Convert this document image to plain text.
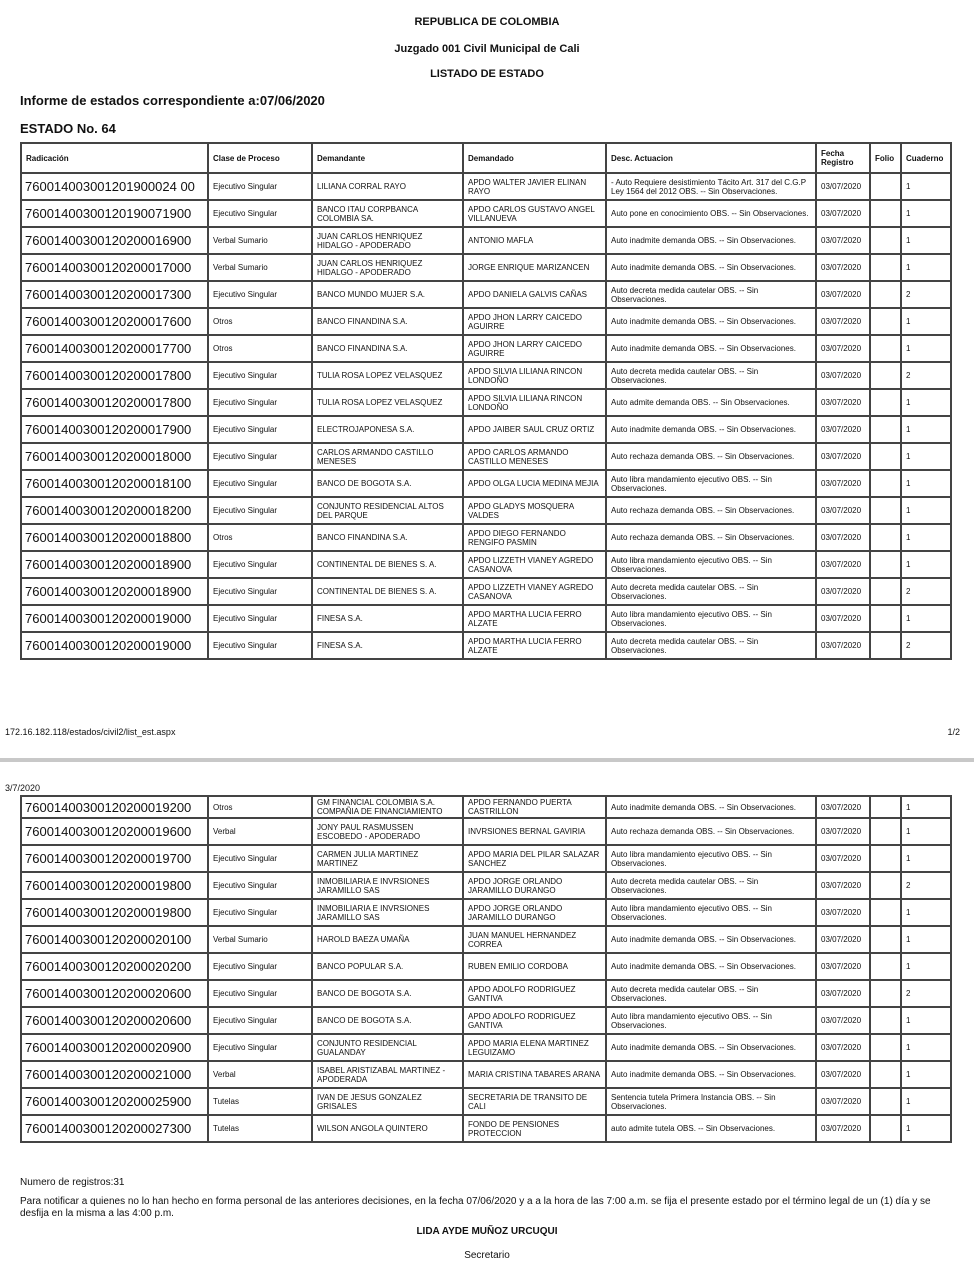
REPUBLICA DE COLOMBIA
Juzgado 001 Civil Municipal de Cali
LISTADO DE ESTADO
Informe de estados correspondiente a:07/06/2020
ESTADO No. 64
Radicación	Clase de Proceso	Demandante	Demandado	Desc. Actuacion	Fecha Registro	Folio	Cuaderno
760014003001201900024 00	Ejecutivo Singular	LILIANA CORRAL RAYO	APDO WALTER JAVIER ELINAN RAYO	- Auto Requiere desistimiento Tácito Art. 317 del C.G.P Ley 1564 del 2012 OBS. -- Sin Observaciones.	03/07/2020		1
76001400300120190071900	Ejecutivo Singular	BANCO ITAU CORPBANCA COLOMBIA SA.	APDO CARLOS GUSTAVO ANGEL VILLANUEVA	Auto pone en conocimiento OBS. -- Sin Observaciones.	03/07/2020		1
76001400300120200016900	Verbal Sumario	JUAN CARLOS HENRIQUEZ HIDALGO - APODERADO	ANTONIO MAFLA	Auto inadmite demanda OBS. -- Sin Observaciones.	03/07/2020		1
76001400300120200017000	Verbal Sumario	JUAN CARLOS HENRIQUEZ HIDALGO - APODERADO	JORGE ENRIQUE MARIZANCEN	Auto inadmite demanda OBS. -- Sin Observaciones.	03/07/2020		1
76001400300120200017300	Ejecutivo Singular	BANCO MUNDO MUJER S.A.	APDO DANIELA GALVIS CAÑAS	Auto decreta medida cautelar OBS. -- Sin Observaciones.	03/07/2020		2
76001400300120200017600	Otros	BANCO FINANDINA S.A.	APDO JHON LARRY CAICEDO AGUIRRE	Auto inadmite demanda OBS. -- Sin Observaciones.	03/07/2020		1
76001400300120200017700	Otros	BANCO FINANDINA S.A.	APDO JHON LARRY CAICEDO AGUIRRE	Auto inadmite demanda OBS. -- Sin Observaciones.	03/07/2020		1
76001400300120200017800	Ejecutivo Singular	TULIA ROSA LOPEZ VELASQUEZ	APDO SILVIA LILIANA RINCON LONDOÑO	Auto decreta medida cautelar OBS. -- Sin Observaciones.	03/07/2020		2
76001400300120200017800	Ejecutivo Singular	TULIA ROSA LOPEZ VELASQUEZ	APDO SILVIA LILIANA RINCON LONDOÑO	Auto admite demanda OBS. -- Sin Observaciones.	03/07/2020		1
76001400300120200017900	Ejecutivo Singular	ELECTROJAPONESA S.A.	APDO JAIBER SAUL CRUZ ORTIZ	Auto inadmite demanda OBS. -- Sin Observaciones.	03/07/2020		1
76001400300120200018000	Ejecutivo Singular	CARLOS ARMANDO CASTILLO MENESES	APDO CARLOS ARMANDO CASTILLO MENESES	Auto rechaza demanda OBS. -- Sin Observaciones.	03/07/2020		1
76001400300120200018100	Ejecutivo Singular	BANCO DE BOGOTA S.A.	APDO OLGA LUCIA MEDINA MEJIA	Auto libra mandamiento ejecutivo OBS. -- Sin Observaciones.	03/07/2020		1
76001400300120200018200	Ejecutivo Singular	CONJUNTO RESIDENCIAL ALTOS DEL PARQUE	APDO GLADYS MOSQUERA VALDES	Auto rechaza demanda OBS. -- Sin Observaciones.	03/07/2020		1
76001400300120200018800	Otros	BANCO FINANDINA S.A.	APDO DIEGO FERNANDO RENGIFO PASMIN	Auto rechaza demanda OBS. -- Sin Observaciones.	03/07/2020		1
76001400300120200018900	Ejecutivo Singular	CONTINENTAL DE BIENES S. A.	APDO LIZZETH VIANEY AGREDO CASANOVA	Auto libra mandamiento ejecutivo OBS. -- Sin Observaciones.	03/07/2020		1
76001400300120200018900	Ejecutivo Singular	CONTINENTAL DE BIENES S. A.	APDO LIZZETH VIANEY AGREDO CASANOVA	Auto decreta medida cautelar OBS. -- Sin Observaciones.	03/07/2020		2
76001400300120200019000	Ejecutivo Singular	FINESA S.A.	APDO MARTHA LUCIA FERRO ALZATE	Auto libra mandamiento ejecutivo OBS. -- Sin Observaciones.	03/07/2020		1
76001400300120200019000	Ejecutivo Singular	FINESA S.A.	APDO MARTHA LUCIA FERRO ALZATE	Auto decreta medida cautelar OBS. -- Sin Observaciones.	03/07/2020		2
172.16.182.118/estados/civil2/list_est.aspx	1/2
3/7/2020
76001400300120200019200	Otros	GM FINANCIAL COLOMBIA S.A. COMPAÑIA DE FINANCIAMIENTO	APDO FERNANDO PUERTA CASTRILLON	Auto inadmite demanda OBS. -- Sin Observaciones.	03/07/2020		1
76001400300120200019600	Verbal	JONY PAUL RASMUSSEN ESCOBEDO - APODERADO	INVRSIONES BERNAL GAVIRIA	Auto rechaza demanda OBS. -- Sin Observaciones.	03/07/2020		1
76001400300120200019700	Ejecutivo Singular	CARMEN JULIA MARTINEZ MARTINEZ	APDO MARIA DEL PILAR SALAZAR SANCHEZ	Auto libra mandamiento ejecutivo OBS. -- Sin Observaciones.	03/07/2020		1
76001400300120200019800	Ejecutivo Singular	INMOBILIARIA E INVRSIONES JARAMILLO SAS	APDO JORGE ORLANDO JARAMILLO DURANGO	Auto decreta medida cautelar OBS. -- Sin Observaciones.	03/07/2020		2
76001400300120200019800	Ejecutivo Singular	INMOBILIARIA E INVRSIONES JARAMILLO SAS	APDO JORGE ORLANDO JARAMILLO DURANGO	Auto libra mandamiento ejecutivo OBS. -- Sin Observaciones.	03/07/2020		1
76001400300120200020100	Verbal Sumario	HAROLD BAEZA UMAÑA	JUAN MANUEL HERNANDEZ CORREA	Auto inadmite demanda OBS. -- Sin Observaciones.	03/07/2020		1
76001400300120200020200	Ejecutivo Singular	BANCO POPULAR S.A.	RUBEN EMILIO CORDOBA	Auto inadmite demanda OBS. -- Sin Observaciones.	03/07/2020		1
76001400300120200020600	Ejecutivo Singular	BANCO DE BOGOTA S.A.	APDO ADOLFO RODRIGUEZ GANTIVA	Auto decreta medida cautelar OBS. -- Sin Observaciones.	03/07/2020		2
76001400300120200020600	Ejecutivo Singular	BANCO DE BOGOTA S.A.	APDO ADOLFO RODRIGUEZ GANTIVA	Auto libra mandamiento ejecutivo OBS. -- Sin Observaciones.	03/07/2020		1
76001400300120200020900	Ejecutivo Singular	CONJUNTO RESIDENCIAL GUALANDAY	APDO MARIA ELENA MARTINEZ LEGUIZAMO	Auto inadmite demanda OBS. -- Sin Observaciones.	03/07/2020		1
76001400300120200021000	Verbal	ISABEL ARISTIZABAL MARTINEZ - APODERADA	MARIA CRISTINA TABARES ARANA	Auto inadmite demanda OBS. -- Sin Observaciones.	03/07/2020		1
76001400300120200025900	Tutelas	IVAN DE JESUS GONZALEZ GRISALES	SECRETARIA DE TRANSITO DE CALI	Sentencia tutela Primera Instancia OBS. -- Sin Observaciones.	03/07/2020		1
76001400300120200027300	Tutelas	WILSON ANGOLA QUINTERO	FONDO DE PENSIONES PROTECCION	auto admite tutela OBS. -- Sin Observaciones.	03/07/2020		1
Numero de registros:31
Para notificar a quienes no lo han hecho en forma personal de las anteriores decisiones, en la fecha 07/06/2020 y a a la hora de las 7:00 a.m. se fija el presente estado por el término legal de un (1) día y se desfija en la misma a las 4:00 p.m.
LIDA AYDE MUÑOZ URCUQUI
Secretario
